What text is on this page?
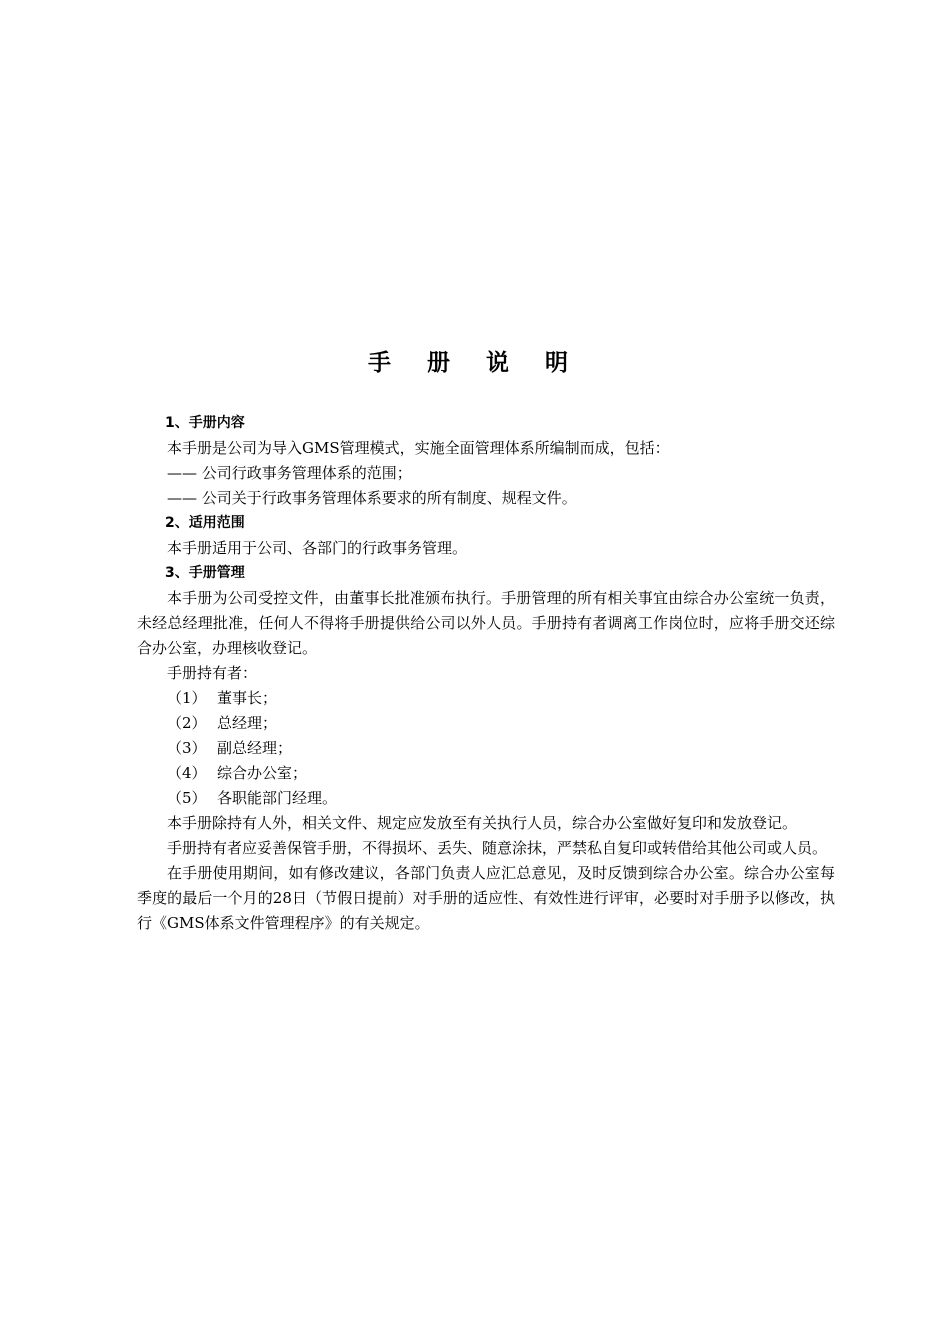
手 册 说 明
1、手册内容
本手册是公司为导入GMS管理模式，实施全面管理体系所编制而成，包括：
—— 公司行政事务管理体系的范围；
—— 公司关于行政事务管理体系要求的所有制度、规程文件。
2、适用范围
本手册适用于公司、各部门的行政事务管理。
3、手册管理
本手册为公司受控文件，由董事长批准颁布执行。手册管理的所有相关事宜由综合办公室统一负责，未经总经理批准，任何人不得将手册提供给公司以外人员。手册持有者调离工作岗位时，应将手册交还综合办公室，办理核收登记。
手册持有者：
（1） 董事长；
（2） 总经理；
（3） 副总经理；
（4） 综合办公室；
（5） 各职能部门经理。
本手册除持有人外，相关文件、规定应发放至有关执行人员，综合办公室做好复印和发放登记。
手册持有者应妥善保管手册，不得损坏、丢失、随意涂抹，严禁私自复印或转借给其他公司或人员。
在手册使用期间，如有修改建议，各部门负责人应汇总意见，及时反馈到综合办公室。综合办公室每季度的最后一个月的28日（节假日提前）对手册的适应性、有效性进行评审，必要时对手册予以修改，执行《GMS体系文件管理程序》的有关规定。
